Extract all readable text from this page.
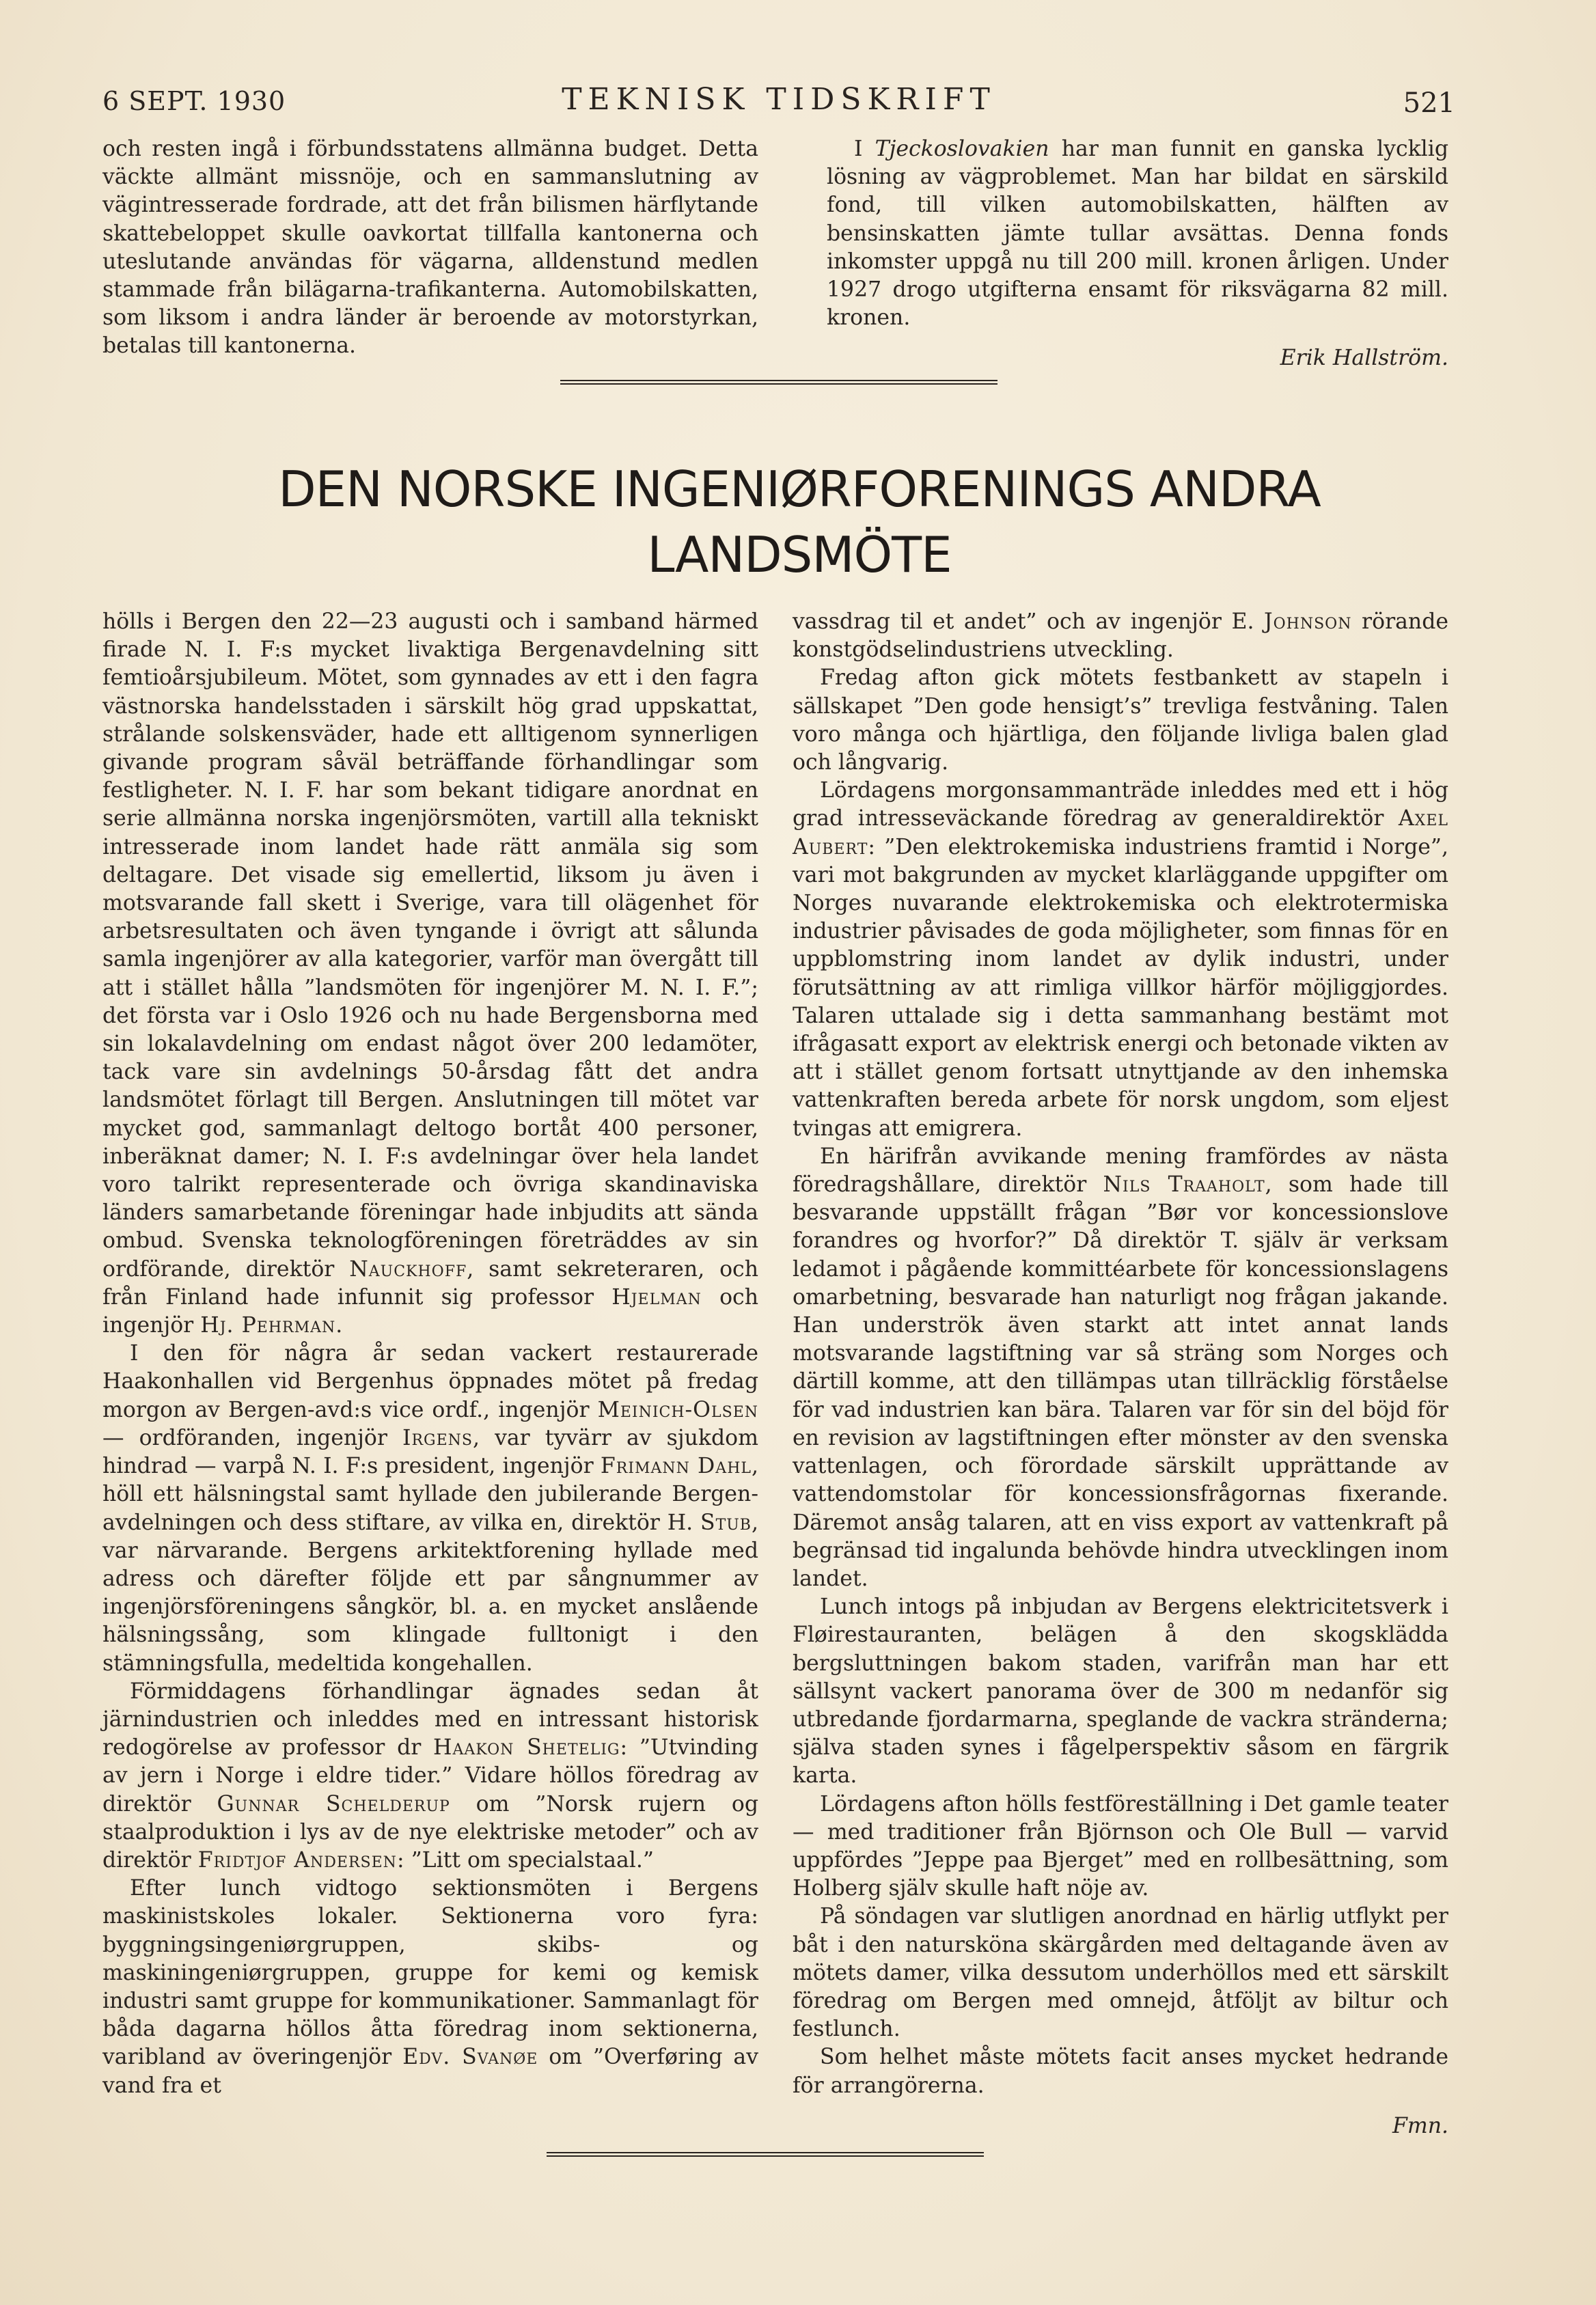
6 SEPT. 1930	TEKNISK TIDSKRIFT	521

och resten ingå i förbundsstatens allmänna budget. Detta väckte allmänt missnöje, och en sammanslutning av vägintresserade fordrade, att det från bilismen härflytande skattebeloppet skulle oavkortat tillfalla kantonerna och uteslutande användas för vägarna, alldenstund medlen stammade från bilägarna-trafikanterna. Automobilskatten, som liksom i andra länder är beroende av motorstyrkan, betalas till kantonerna.

I Tjeckoslovakien har man funnit en ganska lycklig lösning av vägproblemet. Man har bildat en särskild fond, till vilken automobilskatten, hälften av bensinskatten jämte tullar avsättas. Denna fonds inkomster uppgå nu till 200 mill. kronen årligen. Under 1927 drogo utgifterna ensamt för riksvägarna 82 mill. kronen.

Erik Hallström.
DEN NORSKE INGENIØRFORENINGS ANDRA
LANDSMÖTE

hölls i Bergen den 22—23 augusti och i samband härmed firade N. I. F:s mycket livaktiga Bergenavdelning sitt femtioårsjubileum. Mötet, som gynnades av ett i den fagra västnorska handelsstaden i särskilt hög grad uppskattat, strålande solskensväder, hade ett alltigenom synnerligen givande program såväl beträffande förhandlingar som festligheter. N. I. F. har som bekant tidigare anordnat en serie allmänna norska ingenjörsmöten, vartill alla tekniskt intresserade inom landet hade rätt anmäla sig som deltagare. Det visade sig emellertid, liksom ju även i motsvarande fall skett i Sverige, vara till olägenhet för arbetsresultaten och även tyngande i övrigt att sålunda samla ingenjörer av alla kategorier, varför man övergått till att i stället hålla ”landsmöten för ingenjörer M. N. I. F.”; det första var i Oslo 1926 och nu hade Bergensborna med sin lokalavdelning om endast något över 200 ledamöter, tack vare sin avdelnings 50-årsdag fått det andra landsmötet förlagt till Bergen. Anslutningen till mötet var mycket god, sammanlagt deltogo bortåt 400 personer, inberäknat damer; N. I. F:s avdelningar över hela landet voro talrikt representerade och övriga skandinaviska länders samarbetande föreningar hade inbjudits att sända ombud. Svenska teknologföreningen företräddes av sin ordförande, direktör Nauckhoff, samt sekreteraren, och från Finland hade infunnit sig professor Hjelman och ingenjör Hj. Pehrman.

I den för några år sedan vackert restaurerade Haakonhallen vid Bergenhus öppnades mötet på fredag morgon av Bergen-avd:s vice ordf., ingenjör Meinich-Olsen — ordföranden, ingenjör Irgens, var tyvärr av sjukdom hindrad — varpå N. I. F:s president, ingenjör Frimann Dahl, höll ett hälsningstal samt hyllade den jubilerande Bergen-avdelningen och dess stiftare, av vilka en, direktör H. Stub, var närvarande. Bergens arkitektforening hyllade med adress och därefter följde ett par sångnummer av ingenjörsföreningens sångkör, bl. a. en mycket anslående hälsningssång, som klingade fulltonigt i den stämningsfulla, medeltida kongehallen.

Förmiddagens förhandlingar ägnades sedan åt järnindustrien och inleddes med en intressant historisk redogörelse av professor dr Haakon Shetelig: ”Utvinding av jern i Norge i eldre tider.” Vidare höllos föredrag av direktör Gunnar Schelderup om ”Norsk rujern og staalproduktion i lys av de nye elektriske metoder” och av direktör Fridtjof Andersen: ”Litt om specialstaal.”

Efter lunch vidtogo sektionsmöten i Bergens maskinistskoles lokaler. Sektionerna voro fyra: byggningsingeniørgruppen, skibs- og maskiningeniørgruppen, gruppe for kemi og kemisk industri samt gruppe for kommunikationer. Sammanlagt för båda dagarna höllos åtta föredrag inom sektionerna, varibland av överingenjör Edv. Svanøe om ”Overføring av vand fra et

vassdrag til et andet” och av ingenjör E. Johnson rörande konstgödselindustriens utveckling.

Fredag afton gick mötets festbankett av stapeln i sällskapet ”Den gode hensigt’s” trevliga festvåning. Talen voro många och hjärtliga, den följande livliga balen glad och långvarig.

Lördagens morgonsammanträde inleddes med ett i hög grad intresseväckande föredrag av generaldirektör Axel Aubert: ”Den elektrokemiska industriens framtid i Norge”, vari mot bakgrunden av mycket klarläggande uppgifter om Norges nuvarande elektrokemiska och elektrotermiska industrier påvisades de goda möjligheter, som finnas för en uppblomstring inom landet av dylik industri, under förutsättning av att rimliga villkor härför möjliggjordes. Talaren uttalade sig i detta sammanhang bestämt mot ifrågasatt export av elektrisk energi och betonade vikten av att i stället genom fortsatt utnyttjande av den inhemska vattenkraften bereda arbete för norsk ungdom, som eljest tvingas att emigrera.

En härifrån avvikande mening framfördes av nästa föredragshållare, direktör Nils Traaholt, som hade till besvarande uppställt frågan ”Bør vor koncessionslove forandres og hvorfor?” Då direktör T. själv är verksam ledamot i pågående kommittéarbete för koncessionslagens omarbetning, besvarade han naturligt nog frågan jakande. Han underströk även starkt att intet annat lands motsvarande lagstiftning var så sträng som Norges och därtill komme, att den tillämpas utan tillräcklig förståelse för vad industrien kan bära. Talaren var för sin del böjd för en revision av lagstiftningen efter mönster av den svenska vattenlagen, och förordade särskilt upprättande av vattendomstolar för koncessionsfrågornas fixerande. Däremot ansåg talaren, att en viss export av vattenkraft på begränsad tid ingalunda behövde hindra utvecklingen inom landet.

Lunch intogs på inbjudan av Bergens elektricitetsverk i Fløirestauranten, belägen å den skogsklädda bergsluttningen bakom staden, varifrån man har ett sällsynt vackert panorama över de 300 m nedanför sig utbredande fjordarmarna, speglande de vackra stränderna; själva staden synes i fågelperspektiv såsom en färgrik karta.

Lördagens afton hölls festföreställning i Det gamle teater — med traditioner från Björnson och Ole Bull — varvid uppfördes ”Jeppe paa Bjerget” med en rollbesättning, som Holberg själv skulle haft nöje av.

På söndagen var slutligen anordnad en härlig utflykt per båt i den naturskönа skärgården med deltagande även av mötets damer, vilka dessutom underhöllos med ett särskilt föredrag om Bergen med omnejd, åtföljt av biltur och festlunch.

Som helhet måste mötets facit anses mycket hedrande för arrangörerna.

Fmn.
